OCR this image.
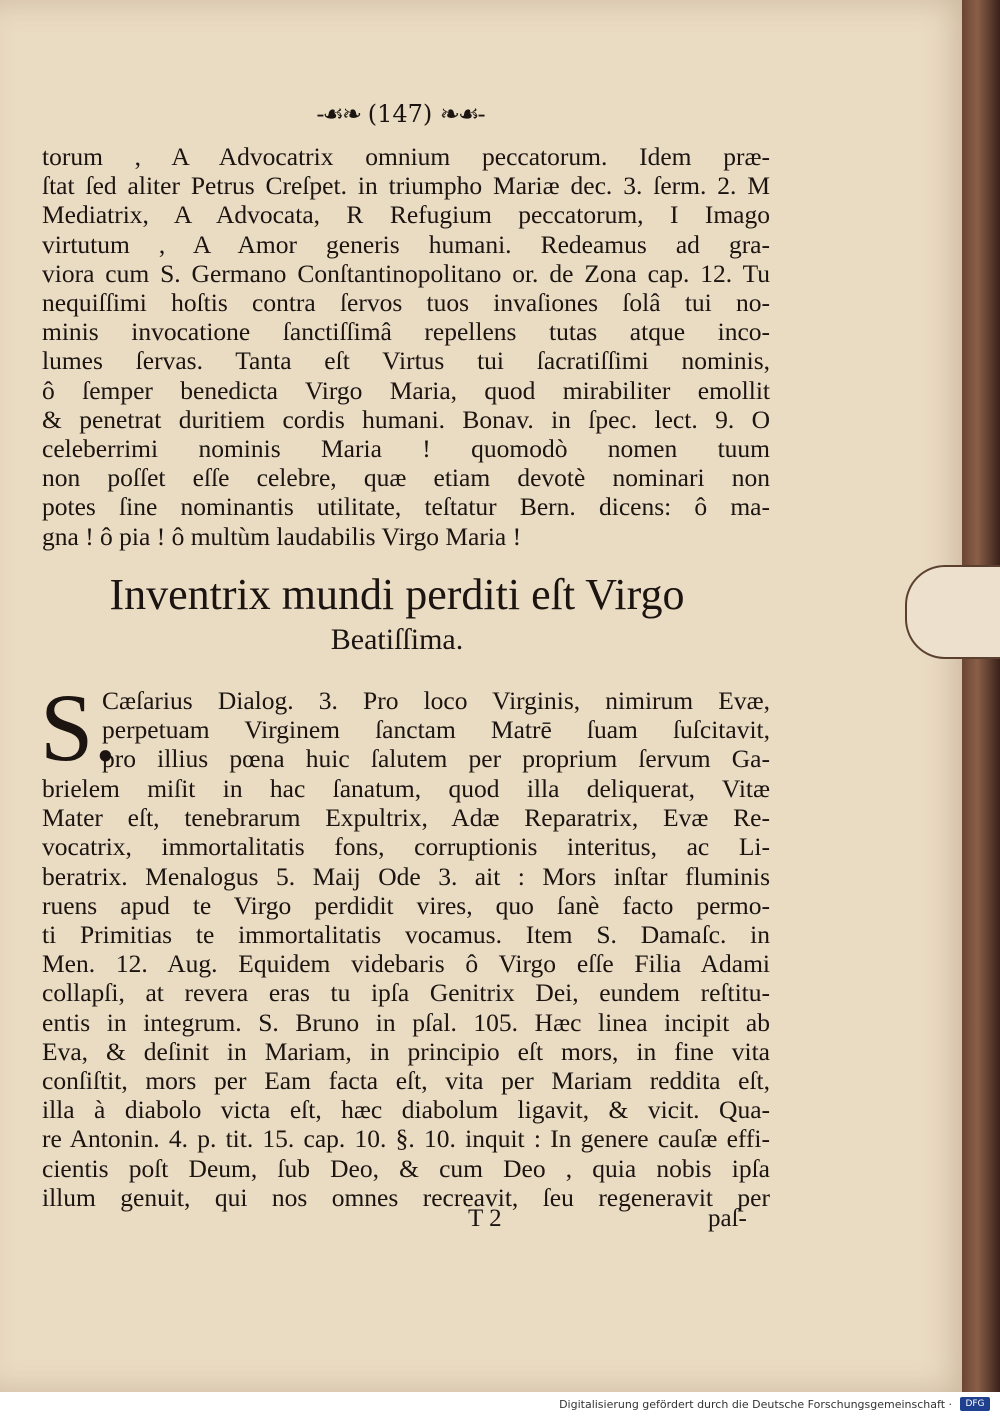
-☙❧ (147) ❧☙-
torum , A Advocatrix omnium peccatorum. Idem præ-
ſtat ſed aliter Petrus Creſpet. in triumpho Mariæ dec. 3. ſerm. 2. M
Mediatrix, A Advocata, R Refugium peccatorum, I Imago
virtutum , A Amor generis humani. Redeamus ad gra-
viora cum S. Germano Conſtantinopolitano or. de Zona cap. 12. Tu
nequiſſimi hoſtis contra ſervos tuos invaſiones ſolâ tui no-
minis invocatione ſanctiſſimâ repellens tutas atque inco-
lumes ſervas. Tanta eſt Virtus tui ſacratiſſimi nominis,
ô ſemper benedicta Virgo Maria, quod mirabiliter emollit
& penetrat duritiem cordis humani. Bonav. in ſpec. lect. 9. O
celeberrimi nominis Maria ! quomodò nomen tuum
non poſſet eſſe celebre, quæ etiam devotè nominari non
potes ſine nominantis utilitate, teſtatur Bern. dicens: ô ma-
gna ! ô pia ! ô multùm laudabilis Virgo Maria !
Inventrix mundi perditi eſt Virgo
Beatiſſima.
S.
Cæſarius Dialog. 3. Pro loco Virginis, nimirum Evæ,
perpetuam Virginem ſanctam Matrē ſuam ſuſcitavit,
pro illius pœna huic ſalutem per proprium ſervum Ga-
brielem miſit in hac ſanatum, quod illa deliquerat, Vitæ
Mater eſt, tenebrarum Expultrix, Adæ Reparatrix, Evæ Re-
vocatrix, immortalitatis fons, corruptionis interitus, ac Li-
beratrix. Menalogus 5. Maij Ode 3. ait : Mors inſtar fluminis
ruens apud te Virgo perdidit vires, quo ſanè facto permo-
ti Primitias te immortalitatis vocamus. Item S. Damaſc. in
Men. 12. Aug. Equidem videbaris ô Virgo eſſe Filia Adami
collapſi, at revera eras tu ipſa Genitrix Dei, eundem reſtitu-
entis in integrum. S. Bruno in pſal. 105. Hæc linea incipit ab
Eva, & deſinit in Mariam, in principio eſt mors, in fine vita
conſiſtit, mors per Eam facta eſt, vita per Mariam reddita eſt,
illa à diabolo victa eſt, hæc diabolum ligavit, & vicit. Qua-
re Antonin. 4. p. tit. 15. cap. 10. §. 10. inquit : In genere cauſæ effi-
cientis poſt Deum, ſub Deo, & cum Deo , quia nobis ipſa
illum genuit, qui nos omnes recreavit, ſeu regeneravit per
T 2	paſ-
Digitalisierung gefördert durch die Deutsche Forschungsgemeinschaft ·	DFG
